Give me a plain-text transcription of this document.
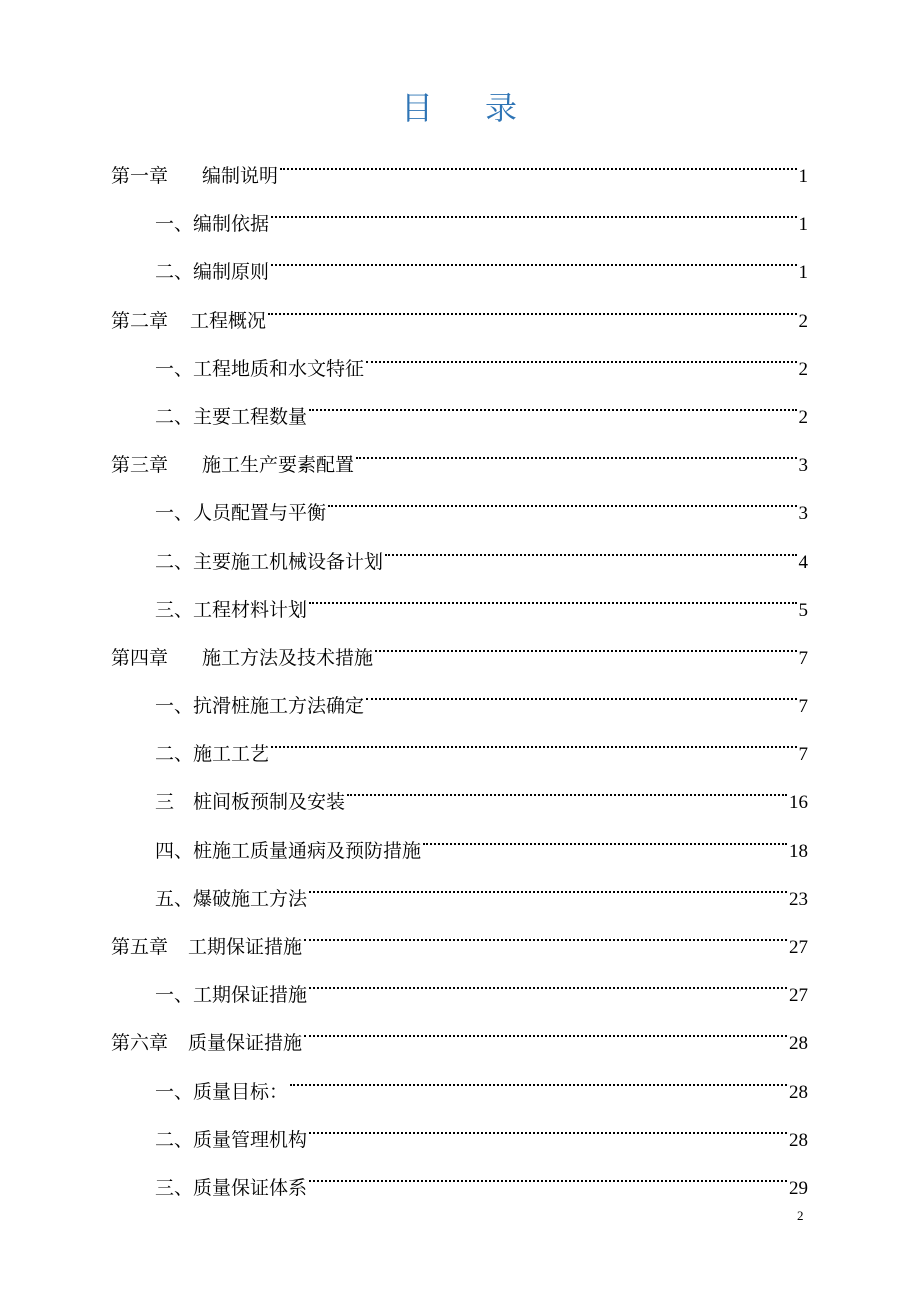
目 录
第一章 编制说明	1
一、编制依据	1
二、编制原则	1
第二章 工程概况	2
一、工程地质和水文特征	2
二、主要工程数量	2
第三章 施工生产要素配置	3
一、人员配置与平衡	3
二、主要施工机械设备计划	4
三、工程材料计划	5
第四章 施工方法及技术措施	7
一、抗滑桩施工方法确定	7
二、施工工艺	7
三　桩间板预制及安装	16
四、桩施工质量通病及预防措施	18
五、爆破施工方法	23
第五章 工期保证措施	27
一、工期保证措施	27
第六章 质量保证措施	28
一、质量目标：	28
二、质量管理机构	28
三、质量保证体系	29
2
